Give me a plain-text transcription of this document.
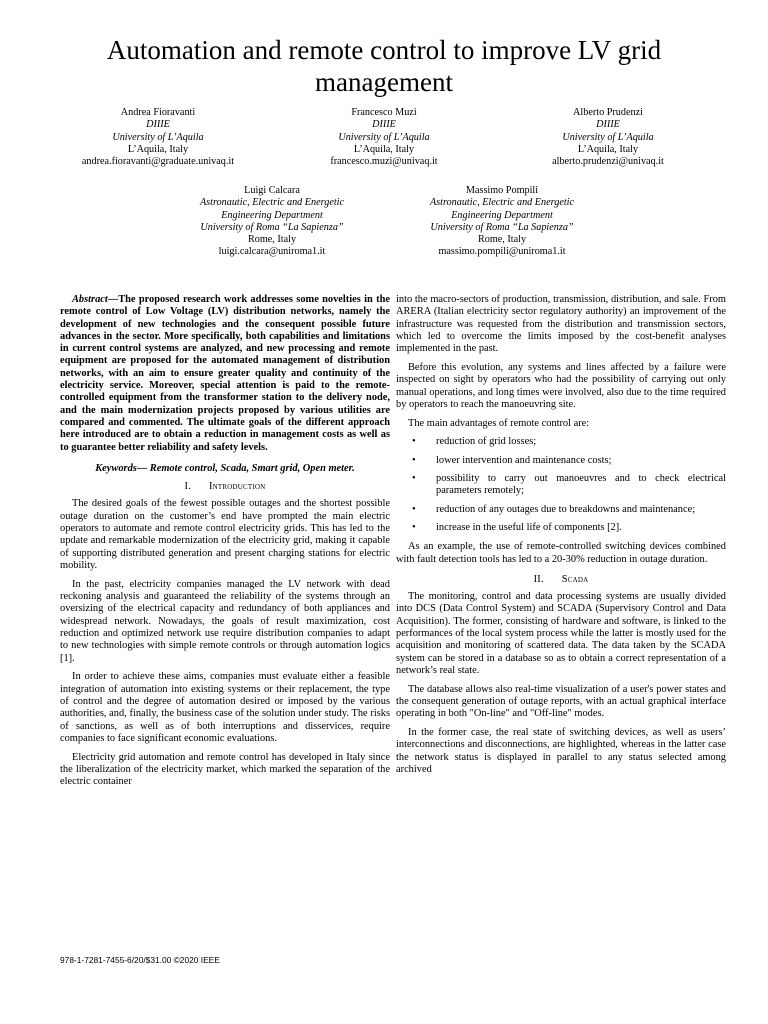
Automation and remote control to improve LV grid management
Andrea Fioravanti
DIIIE
University of L’Aquila
L’Aquila, Italy
andrea.fioravanti@graduate.univaq.it
Francesco Muzi
DIIIE
University of L’Aquila
L’Aquila, Italy
francesco.muzi@univaq.it
Alberto Prudenzi
DIIIE
University of L’Aquila
L’Aquila, Italy
alberto.prudenzi@univaq.it
Luigi Calcara
Astronautic, Electric and Energetic
Engineering Department
University of Roma “La Sapienza”
Rome, Italy
luigi.calcara@uniroma1.it
Massimo Pompili
Astronautic, Electric and Energetic
Engineering Department
University of Roma “La Sapienza”
Rome, Italy
massimo.pompili@uniroma1.it

Abstract—The proposed research work addresses some novelties in the remote control of Low Voltage (LV) distribution networks, namely the development of new technologies and the consequent possible future advances in the sector. More specifically, both capabilities and limitations in current control systems are analyzed, and new processing and remote equipment are proposed for the automated management of distribution networks, with an aim to ensure greater quality and continuity of the electricity service. Moreover, special attention is paid to the remote-controlled equipment from the transformer station to the delivery node, and the main modernization projects proposed by various utilities are compared and commented. The ultimate goals of the different approach here introduced are to obtain a reduction in management costs as well as to guarantee better reliability and safety levels.

Keywords— Remote control, Scada, Smart grid, Open meter.

I. Introduction

The desired goals of the fewest possible outages and the shortest possible outage duration on the customer’s end have prompted the main electric operators to automate and remote control electricity grids. This has led to the update and remarkable modernization of the electricity grid, making it capable of supporting distributed generation and present charging stations for electric mobility.

In the past, electricity companies managed the LV network with dead reckoning analysis and guaranteed the reliability of the systems through an oversizing of the electrical capacity and redundancy of both appliances and widespread network. Nowadays, the goals of result maximization, cost reduction and optimized network use require distribution companies to adapt to new technologies with simple remote controls or through automation logics [1].

In order to achieve these aims, companies must evaluate either a feasible integration of automation into existing systems or their replacement, the type of control and the degree of automation desired or imposed by the various authorities, and, finally, the business case of the solution under study. The risks of sanctions, as well as of both interruptions and disservices, require companies to face significant economic evaluations.

Electricity grid automation and remote control has developed in Italy since the liberalization of the electricity market, which marked the separation of the electric container

into the macro-sectors of production, transmission, distribution, and sale. From ARERA (Italian electricity sector regulatory authority) an improvement of the infrastructure was requested from the distribution and transmission sectors, which led to overcome the limits imposed by the cost-benefit analyses implemented in the past.

Before this evolution, any systems and lines affected by a failure were inspected on sight by operators who had the possibility of carrying out only manual operations, and long times were involved, also due to the time required by operators to reach the manoeuvring site.

The main advantages of remote control are:

• reduction of grid losses;
• lower intervention and maintenance costs;
• possibility to carry out manoeuvres and to check electrical parameters remotely;
• reduction of any outages due to breakdowns and maintenance;
• increase in the useful life of components [2].

As an example, the use of remote-controlled switching devices combined with fault detection tools has led to a 20-30% reduction in outage duration.

II. Scada

The monitoring, control and data processing systems are usually divided into DCS (Data Control System) and SCADA (Supervisory Control and Data Acquisition). The former, consisting of hardware and software, is linked to the performances of the local system process while the latter is mostly used for the acquisition and monitoring of scattered data. The data taken by the SCADA system can be stored in a database so as to obtain a correct representation of a network’s real state.

The database allows also real-time visualization of a user's power states and the consequent generation of outage reports, with an actual graphical interface operating in both "On-line" and "Off-line" modes.

In the former case, the real state of switching devices, as well as users’ interconnections and disconnections, are highlighted, whereas in the latter case the network status is displayed in parallel to any status selected among archived

978-1-7281-7455-6/20/$31.00 ©2020 IEEE
